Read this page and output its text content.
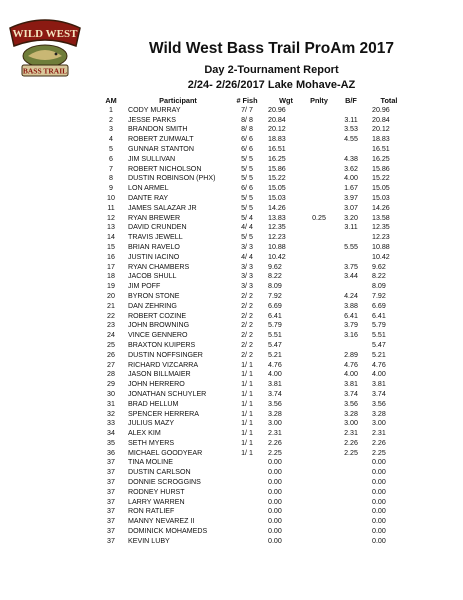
WILD WEST
BASS TRAIL
Wild West Bass Trail ProAm 2017
Day 2-Tournament Report
2/24- 2/26/2017 Lake Mohave-AZ
AM	Participant	# Fish	Wgt	Pnlty	B/F	Total
1	CODY MURRAY	7/ 7	20.96			20.96
2	JESSE PARKS	8/ 8	20.84		3.11	20.84
3	BRANDON SMITH	8/ 8	20.12		3.53	20.12
4	ROBERT ZUMWALT	6/ 6	18.83		4.55	18.83
5	GUNNAR STANTON	6/ 6	16.51			16.51
6	JIM SULLIVAN	5/ 5	16.25		4.38	16.25
7	ROBERT NICHOLSON	5/ 5	15.86		3.62	15.86
8	DUSTIN ROBINSON (PHX)	5/ 5	15.22		4.00	15.22
9	LON ARMEL	6/ 6	15.05		1.67	15.05
10	DANTE RAY	5/ 5	15.03		3.97	15.03
11	JAMES SALAZAR JR	5/ 5	14.26		3.07	14.26
12	RYAN BREWER	5/ 4	13.83	0.25	3.20	13.58
13	DAVID CRUNDEN	4/ 4	12.35		3.11	12.35
14	TRAVIS JEWELL	5/ 5	12.23			12.23
15	BRIAN RAVELO	3/ 3	10.88		5.55	10.88
16	JUSTIN IACINO	4/ 4	10.42			10.42
17	RYAN CHAMBERS	3/ 3	9.62		3.75	9.62
18	JACOB SHULL	3/ 3	8.22		3.44	8.22
19	JIM POFF	3/ 3	8.09			8.09
20	BYRON STONE	2/ 2	7.92		4.24	7.92
21	DAN ZEHRING	2/ 2	6.69		3.88	6.69
22	ROBERT COZINE	2/ 2	6.41		6.41	6.41
23	JOHN BROWNING	2/ 2	5.79		3.79	5.79
24	VINCE GENNERO	2/ 2	5.51		3.16	5.51
25	BRAXTON KUIPERS	2/ 2	5.47			5.47
26	DUSTIN NOFFSINGER	2/ 2	5.21		2.89	5.21
27	RICHARD VIZCARRA	1/ 1	4.76		4.76	4.76
28	JASON BILLMAIER	1/ 1	4.00		4.00	4.00
29	JOHN HERRERO	1/ 1	3.81		3.81	3.81
30	JONATHAN SCHUYLER	1/ 1	3.74		3.74	3.74
31	BRAD HELLUM	1/ 1	3.56		3.56	3.56
32	SPENCER HERRERA	1/ 1	3.28		3.28	3.28
33	JULIUS MAZY	1/ 1	3.00		3.00	3.00
34	ALEX KIM	1/ 1	2.31		2.31	2.31
35	SETH MYERS	1/ 1	2.26		2.26	2.26
36	MICHAEL GOODYEAR	1/ 1	2.25		2.25	2.25
37	TINA MOLINE		0.00			0.00
37	DUSTIN CARLSON		0.00			0.00
37	DONNIE SCROGGINS		0.00			0.00
37	RODNEY HURST		0.00			0.00
37	LARRY WARREN		0.00			0.00
37	RON RATLIEF		0.00			0.00
37	MANNY NEVAREZ II		0.00			0.00
37	DOMINICK MOHAMEDS		0.00			0.00
37	KEVIN LUBY		0.00			0.00
